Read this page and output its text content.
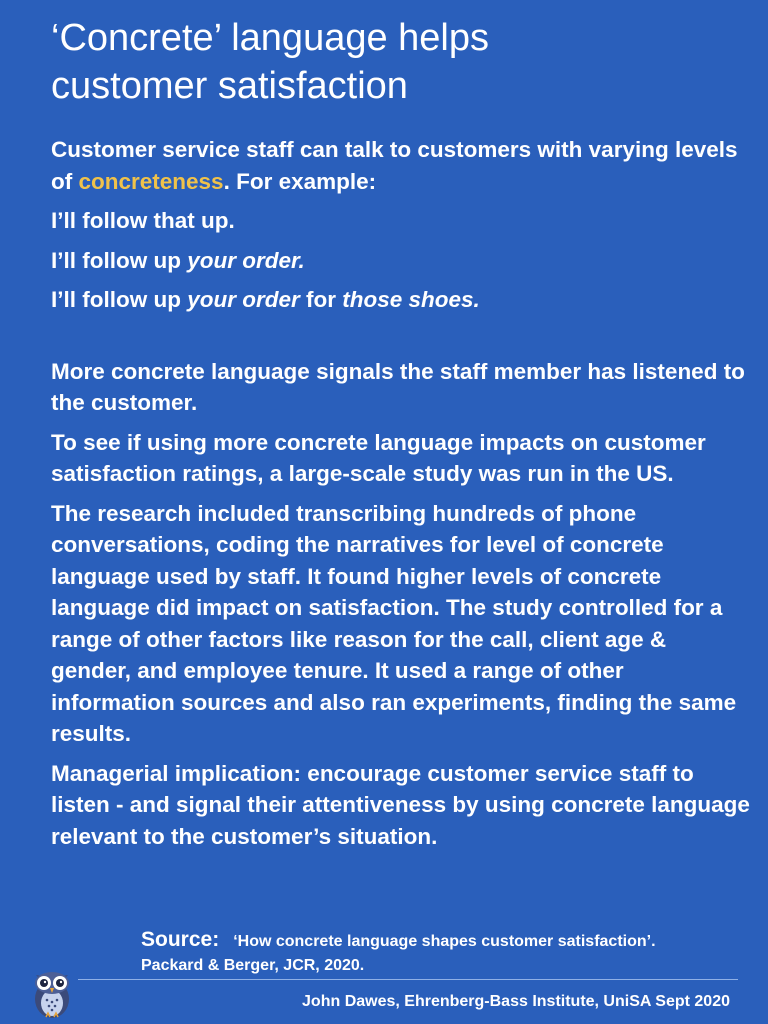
‘Concrete’ language helps
customer satisfaction

Customer service staff can talk to customers with varying levels of concreteness. For example:

I’ll follow that up.

I’ll follow up your order.

I’ll follow up your order for those shoes.

More concrete language signals the staff member has listened to the customer.

To see if using more concrete language impacts on customer satisfaction ratings, a large-scale study was run in the US.

The research included transcribing hundreds of phone conversations, coding the narratives for level of concrete language used by staff. It found higher levels of concrete language did impact on satisfaction. The study controlled for a range of other factors like reason for the call, client age & gender, and employee tenure. It used a range of other information sources and also ran experiments, finding the same results.

Managerial implication: encourage customer service staff to listen - and signal their attentiveness by using concrete language relevant to the customer’s situation.

Source: ‘How concrete language shapes customer satisfaction’.
Packard & Berger, JCR, 2020.
John Dawes, Ehrenberg-Bass Institute, UniSA Sept 2020
